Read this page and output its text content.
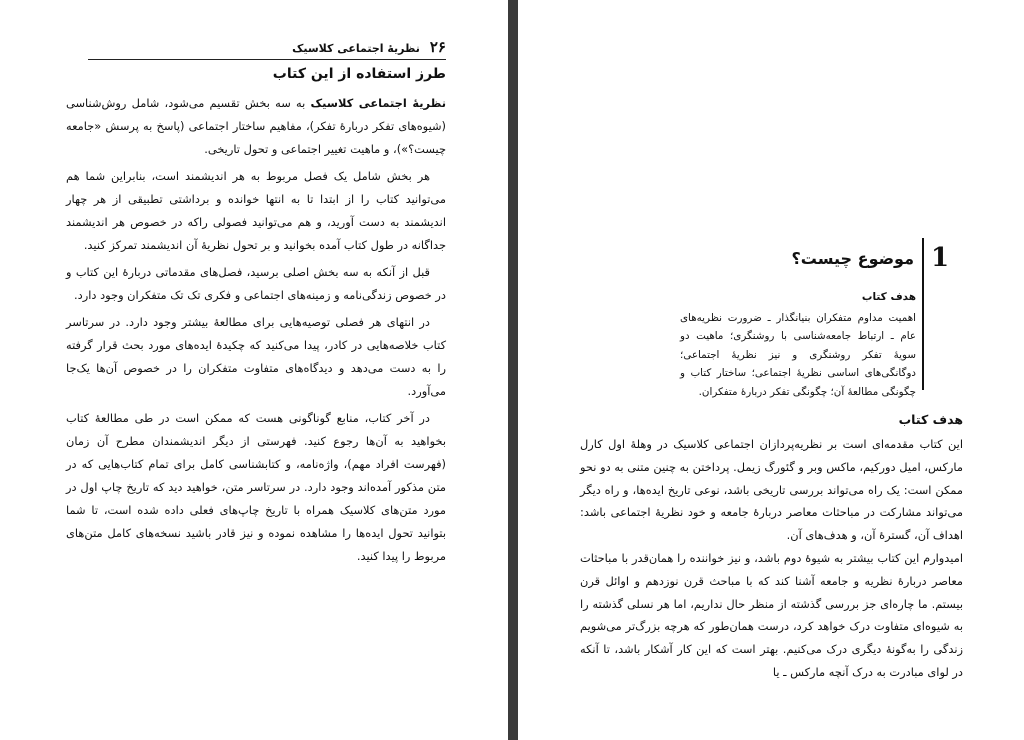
۲۶
نظریهٔ اجتماعی کلاسیک
طرز استفاده از این کتاب

نظریهٔ اجتماعی کلاسیک به سه بخش تقسیم می‌شود، شامل روش‌شناسی (شیوه‌های تفکر دربارهٔ تفکر)، مفاهیم ساختار اجتماعی (پاسخ به پرسش «جامعه چیست؟»)، و ماهیت تغییر اجتماعی و تحول تاریخی.

هر بخش شامل یک فصل مربوط به هر اندیشمند است، بنابراین شما هم می‌توانید کتاب را از ابتدا تا به انتها خوانده و برداشتی تطبیقی از هر چهار اندیشمند به دست آورید، و هم می‌توانید فصولی راکه در خصوص هر اندیشمند جداگانه در طول کتاب آمده بخوانید و بر تحول نظریهٔ آن اندیشمند تمرکز کنید.

قبل از آنکه به سه بخش اصلی برسید، فصل‌های مقدماتی دربارهٔ این کتاب و در خصوص زندگی‌نامه و زمینه‌های اجتماعی و فکری تک تک متفکران وجود دارد.

در انتهای هر فصلی توصیه‌هایی برای مطالعهٔ بیشتر وجود دارد. در سرتاسر کتاب خلاصه‌هایی در کادر، پیدا می‌کنید که چکیدهٔ ایده‌های مورد بحث قرار گرفته را به دست می‌دهد و دیدگاه‌های متفاوت متفکران را در خصوص آن‌ها یک‌جا می‌آورد.

در آخر کتاب، منابع گوناگونی هست که ممکن است در طی مطالعهٔ کتاب بخواهید به آن‌ها رجوع کنید. فهرستی از دیگر اندیشمندان مطرح آن زمان (فهرست افراد مهم)، واژه‌نامه، و کتابشناسی کامل برای تمام کتاب‌هایی که در متن مذکور آمده‌اند وجود دارد. در سرتاسر متن، خواهید دید که تاریخ چاپ اول در مورد متن‌های کلاسیک همراه با تاریخ چاپ‌های فعلی داده شده است، تا شما بتوانید تحول ایده‌ها را مشاهده نموده و نیز قادر باشید نسخه‌های کامل متن‌های مربوط را پیدا کنید.

1
موضوع چیست؟
هدف کتاب
اهمیت مداوم متفکران بنیانگذار ـ ضرورت نظریه‌های عام ـ ارتباط جامعه‌شناسی با روشنگری؛ ماهیت دو سویهٔ تفکر روشنگری و نیز نظریهٔ اجتماعی؛ دوگانگی‌های اساسی نظریهٔ اجتماعی؛ ساختار کتاب و چگونگی مطالعهٔ آن؛ چگونگی تفکر دربارهٔ متفکران.
هدف کتاب

این کتاب مقدمه‌ای است بر نظریه‌پردازان اجتماعی کلاسیک در وهلهٔ اول کارل مارکس، امیل دورکیم، ماکس وبر و گئورگ زیمل. پرداختن به چنین متنی به دو نحو ممکن است: یک راه می‌تواند بررسی تاریخی باشد، نوعی تاریخ ایده‌ها، و راه دیگر می‌تواند مشارکت در مباحثات معاصر دربارهٔ جامعه و خود نظریهٔ اجتماعی باشد: اهداف آن، گسترهٔ آن، و هدف‌های آن.

امیدوارم این کتاب بیشتر به شیوهٔ دوم باشد، و نیز خواننده را همان‌قدر با مباحثات معاصر دربارهٔ نظریه و جامعه آشنا کند که با مباحث قرن نوزدهم و اوائل قرن بیستم. ما چاره‌ای جز بررسی گذشته از منظر حال نداریم، اما هر نسلی گذشته را به شیوه‌ای متفاوت درک خواهد کرد، درست همان‌طور که هرچه بزرگ‌تر می‌شویم زندگی را به‌گونهٔ دیگری درک می‌کنیم. بهتر است که این کار آشکار باشد، تا آنکه در لوای مبادرت به درک آنچه مارکس ـ یا
